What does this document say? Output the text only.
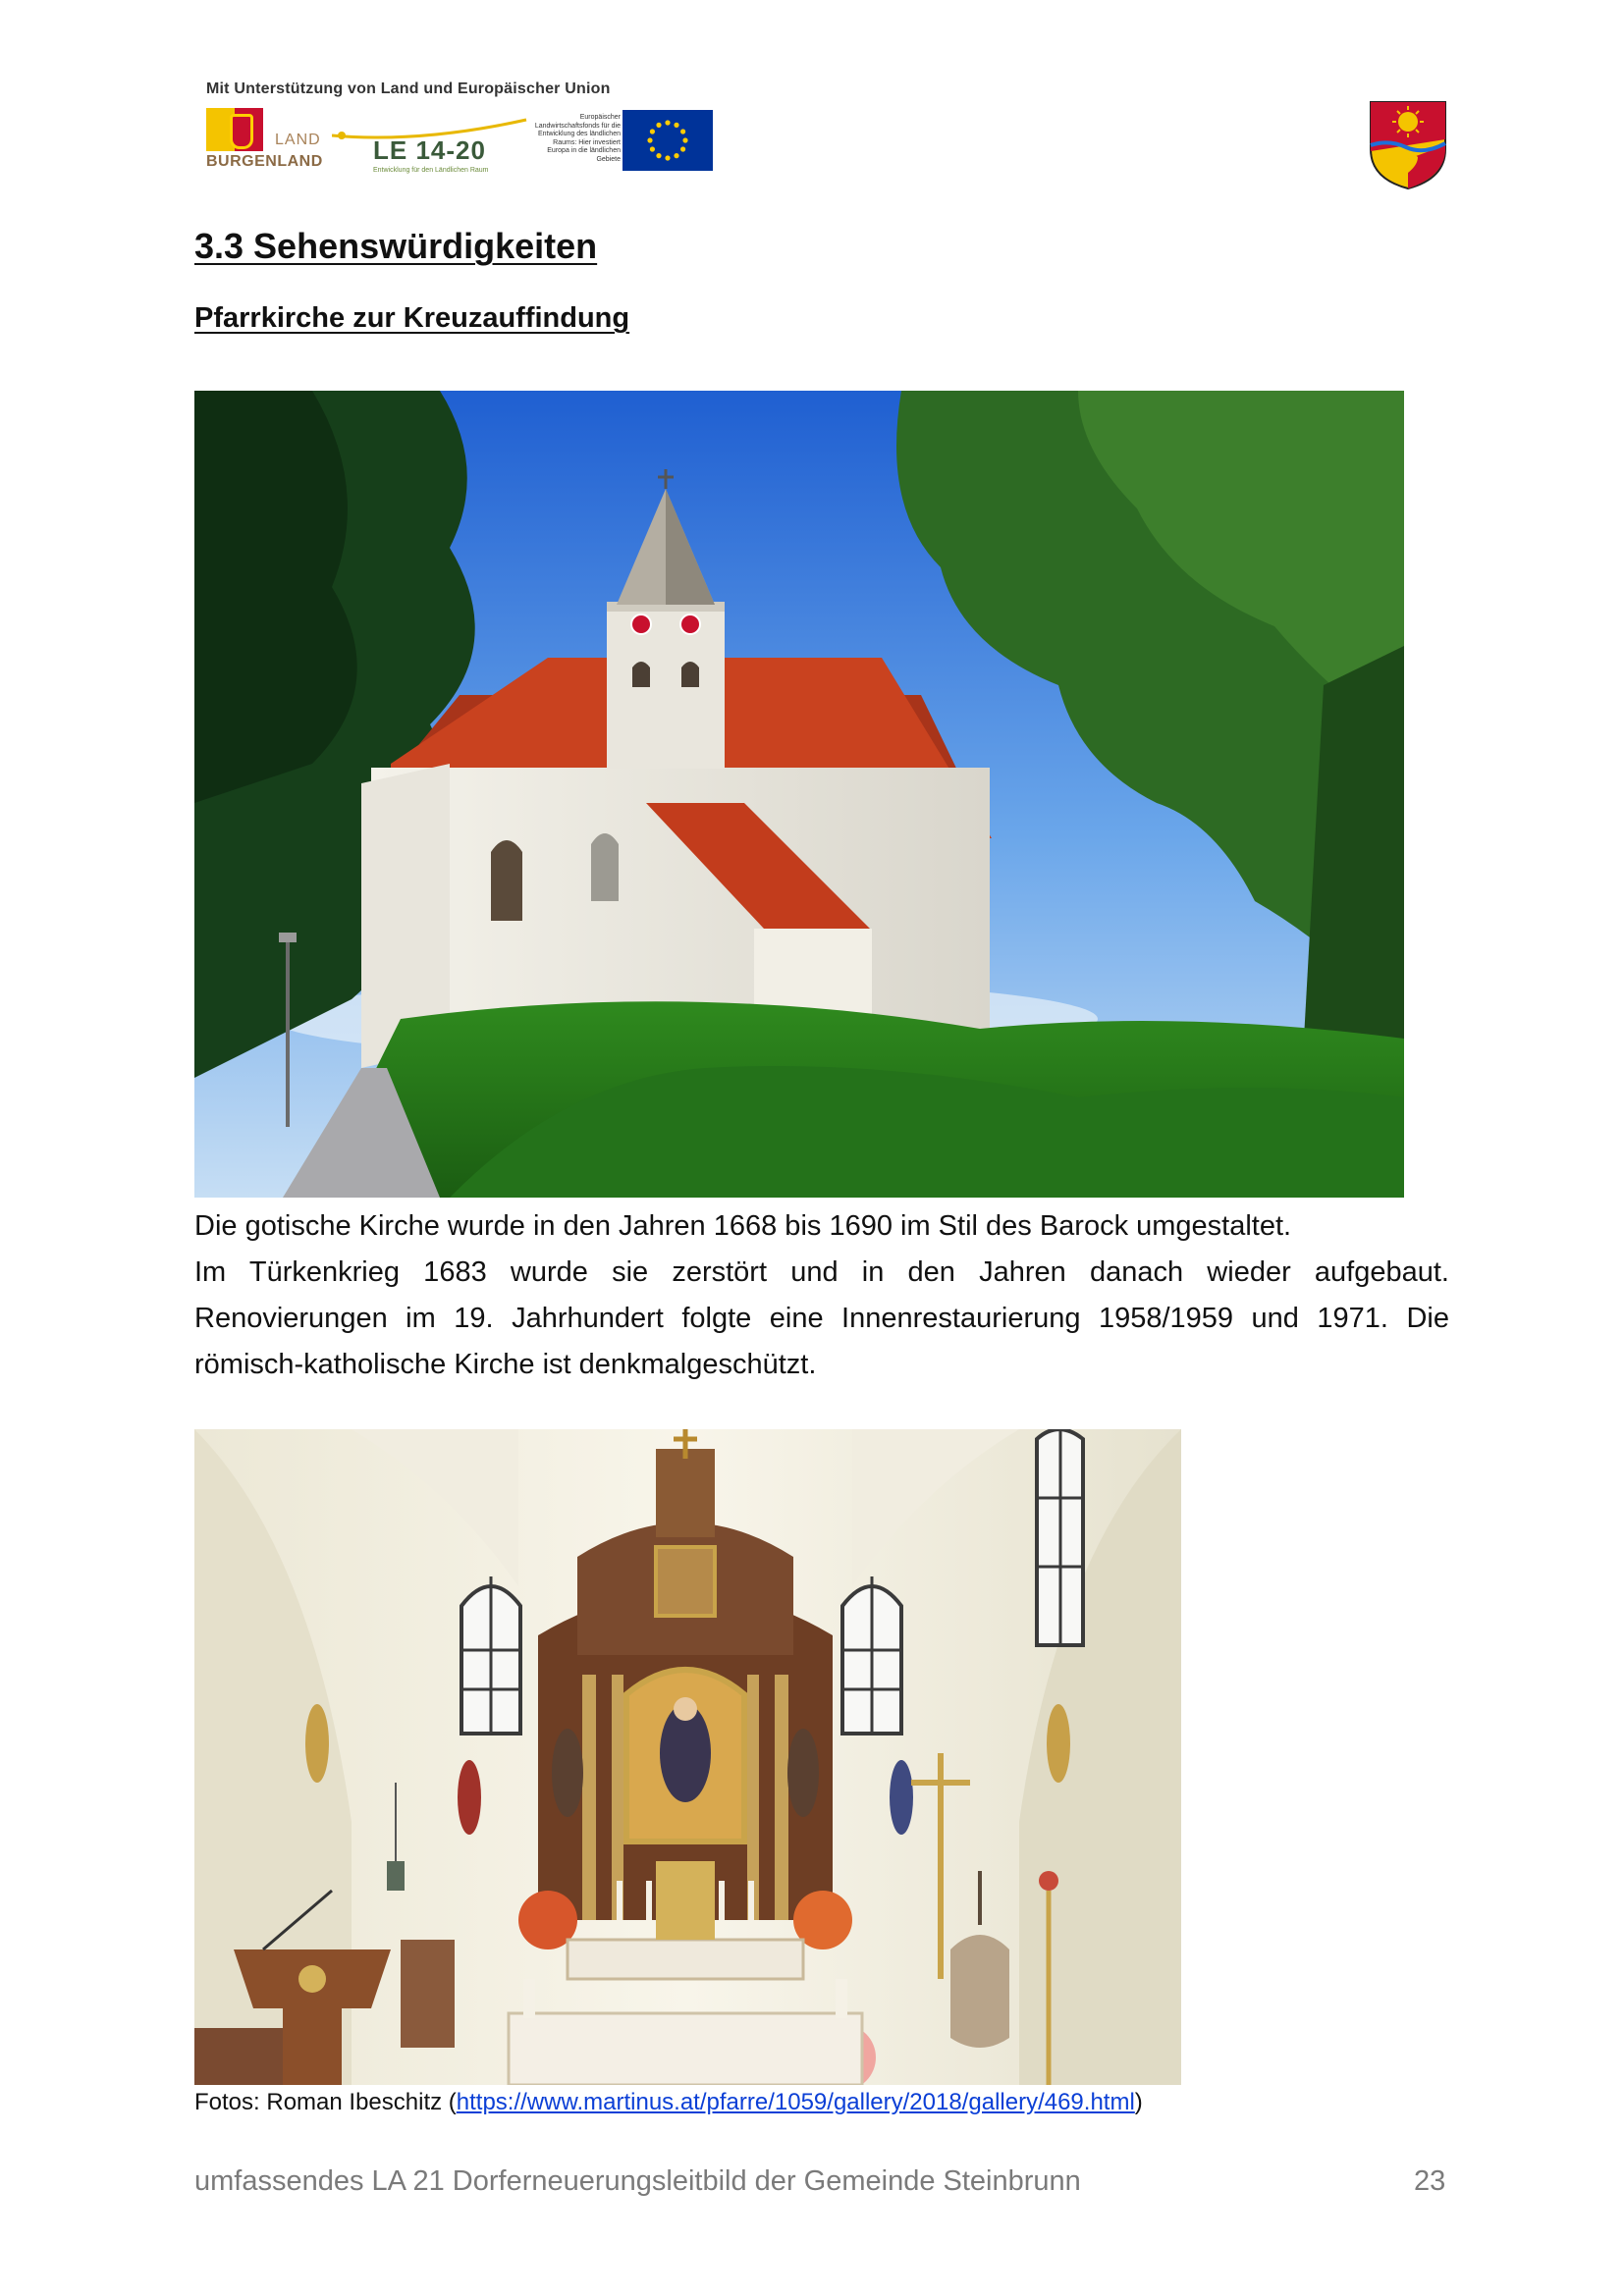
Mit Unterstützung von Land und Europäischer Union
LAND
BURGENLAND LE 14-20
Entwicklung für den Ländlichen Raum
Europäischer Landwirtschaftsfonds für die Entwicklung des ländlichen Raums: Hier investiert Europa in die ländlichen Gebiete
3.3 Sehenswürdigkeiten
Pfarrkirche zur Kreuzauffindung

Die gotische Kirche wurde in den Jahren 1668 bis 1690 im Stil des Barock umgestaltet.

Im Türkenkrieg 1683 wurde sie zerstört und in den Jahren danach wieder aufgebaut. Renovierungen im 19. Jahrhundert folgte eine Innenrestaurierung 1958/1959 und 1971. Die römisch-katholische Kirche ist denkmalgeschützt.

Fotos: Roman Ibeschitz (https://www.martinus.at/pfarre/1059/gallery/2018/gallery/469.html)
umfassendes LA 21 Dorferneuerungsleitbild der Gemeinde Steinbrunn	23
